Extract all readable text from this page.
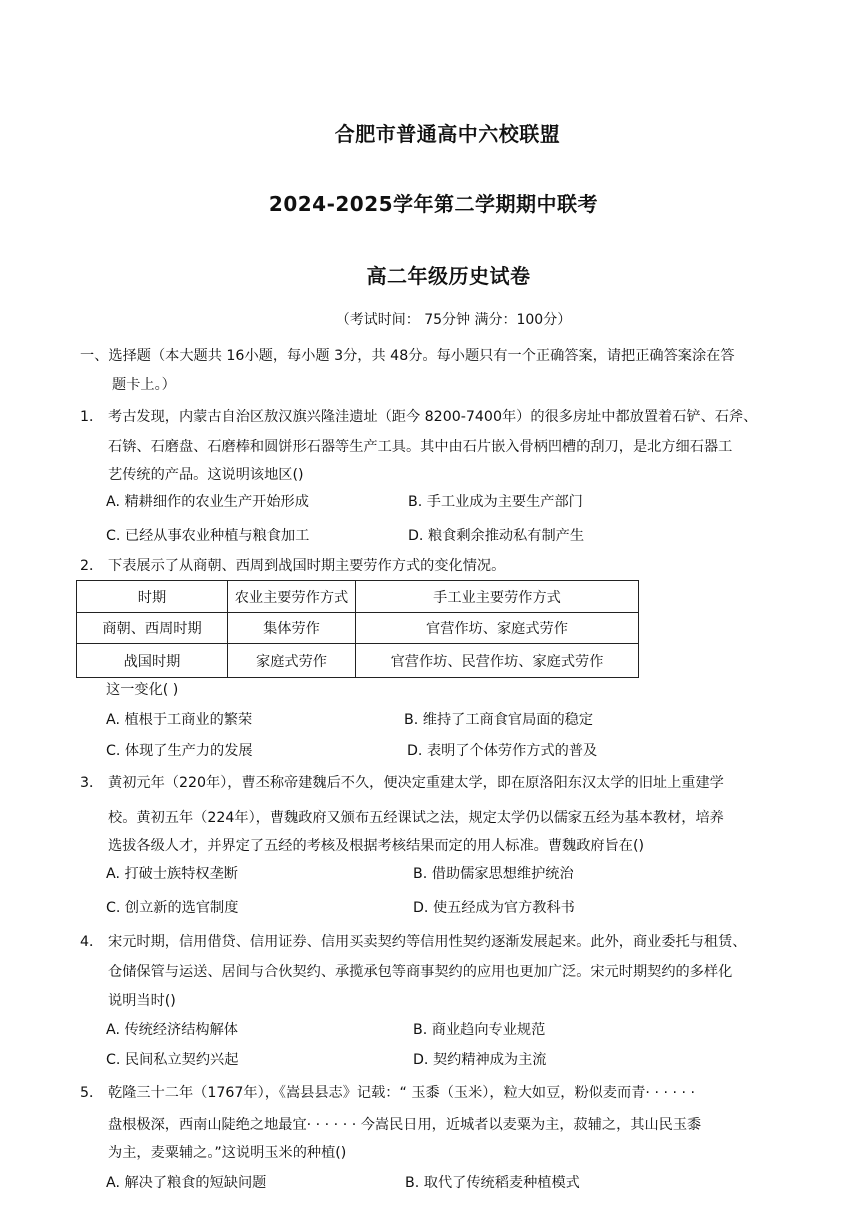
合肥市普通高中六校联盟
2024-2025学年第二学期期中联考
高二年级历史试卷
（考试时间： 75分钟 满分：100分）
一、选择题（本大题共 16小题，每小题 3分，共 48分。每小题只有一个正确答案，请把正确答案涂在答
题卡上。）
1． 考古发现，内蒙古自治区敖汉旗兴隆洼遗址（距今 8200-7400年）的很多房址中都放置着石铲、石斧、
石锛、石磨盘、石磨棒和圆饼形石器等生产工具。其中由石片嵌入骨柄凹槽的刮刀，是北方细石器工
艺传统的产品。这说明该地区()
A. 精耕细作的农业生产开始形成	B. 手工业成为主要生产部门
C. 已经从事农业种植与粮食加工	D. 粮食剩余推动私有制产生
2． 下表展示了从商朝、西周到战国时期主要劳作方式的变化情况。
时期	农业主要劳作方式	手工业主要劳作方式
商朝、西周时期	集体劳作	官营作坊、家庭式劳作
战国时期	家庭式劳作	官营作坊、民营作坊、家庭式劳作
这一变化( )
A. 植根于工商业的繁荣	B. 维持了工商食官局面的稳定
C. 体现了生产力的发展	D. 表明了个体劳作方式的普及
3． 黄初元年（220年），曹丕称帝建魏后不久，便决定重建太学，即在原洛阳东汉太学的旧址上重建学
校。黄初五年（224年），曹魏政府又颁布五经课试之法，规定太学仍以儒家五经为基本教材，培养
选拔各级人才，并界定了五经的考核及根据考核结果而定的用人标准。曹魏政府旨在()
A. 打破士族特权垄断	B. 借助儒家思想维护统治
C. 创立新的选官制度	D. 使五经成为官方教科书
4． 宋元时期，信用借贷、信用证券、信用买卖契约等信用性契约逐渐发展起来。此外，商业委托与租赁、
仓储保管与运送、居间与合伙契约、承揽承包等商事契约的应用也更加广泛。宋元时期契约的多样化
说明当时()
A. 传统经济结构解体	B. 商业趋向专业规范
C. 民间私立契约兴起	D. 契约精神成为主流
5． 乾隆三十二年（1767年），《嵩县县志》记载：“ 玉黍（玉米），粒大如豆，粉似麦而青· · · · · ·
盘根极深，西南山陡绝之地最宜· · · · · · 今嵩民日用，近城者以麦粟为主，菽辅之，其山民玉黍
为主，麦粟辅之。”这说明玉米的种植()
A. 解决了粮食的短缺问题	B. 取代了传统稻麦种植模式
